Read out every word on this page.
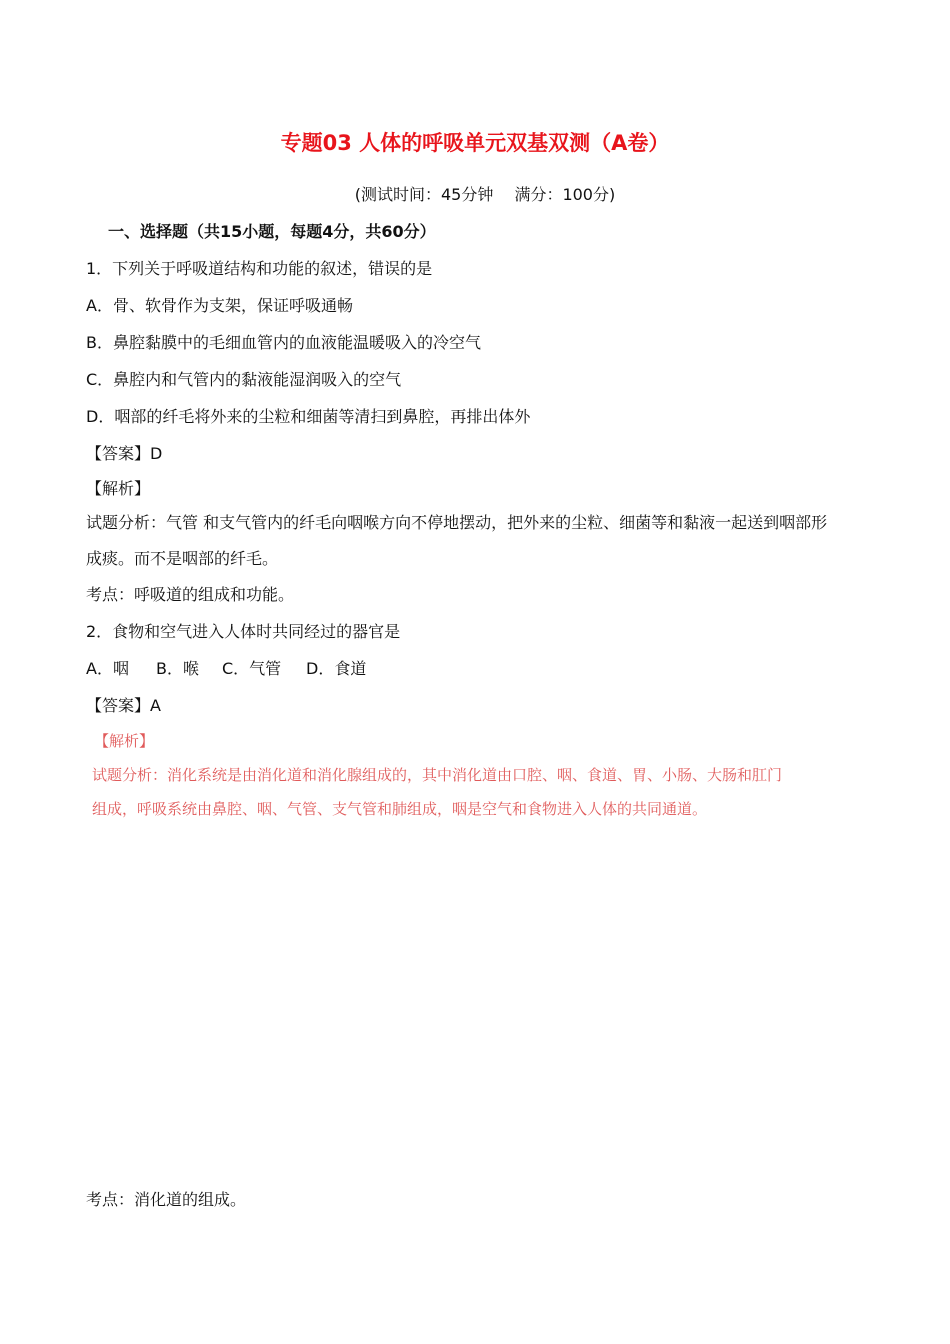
专题03 人体的呼吸单元双基双测（A卷）
(测试时间：45分钟　 满分：100分)
一、选择题（共15小题，每题4分，共60分）
1．下列关于呼吸道结构和功能的叙述，错误的是
A．骨、软骨作为支架，保证呼吸通畅
B．鼻腔黏膜中的毛细血管内的血液能温暖吸入的冷空气
C．鼻腔内和气管内的黏液能湿润吸入的空气
D．咽部的纤毛将外来的尘粒和细菌等清扫到鼻腔，再排出体外
【答案】D
【解析】
试题分析：气管 和支气管内的纤毛向咽喉方向不停地摆动，把外来的尘粒、细菌等和黏液一起送到咽部形
成痰。而不是咽部的纤毛。
考点：呼吸道的组成和功能。
2．食物和空气进入人体时共同经过的器官是
A．咽 B．喉 C．气管 D．食道
【答案】A
【解析】
试题分析：消化系统是由消化道和消化腺组成的，其中消化道由口腔、咽、食道、胃、小肠、大肠和肛门
组成，呼吸系统由鼻腔、咽、气管、支气管和肺组成，咽是空气和食物进入人体的共同通道。
考点：消化道的组成。
